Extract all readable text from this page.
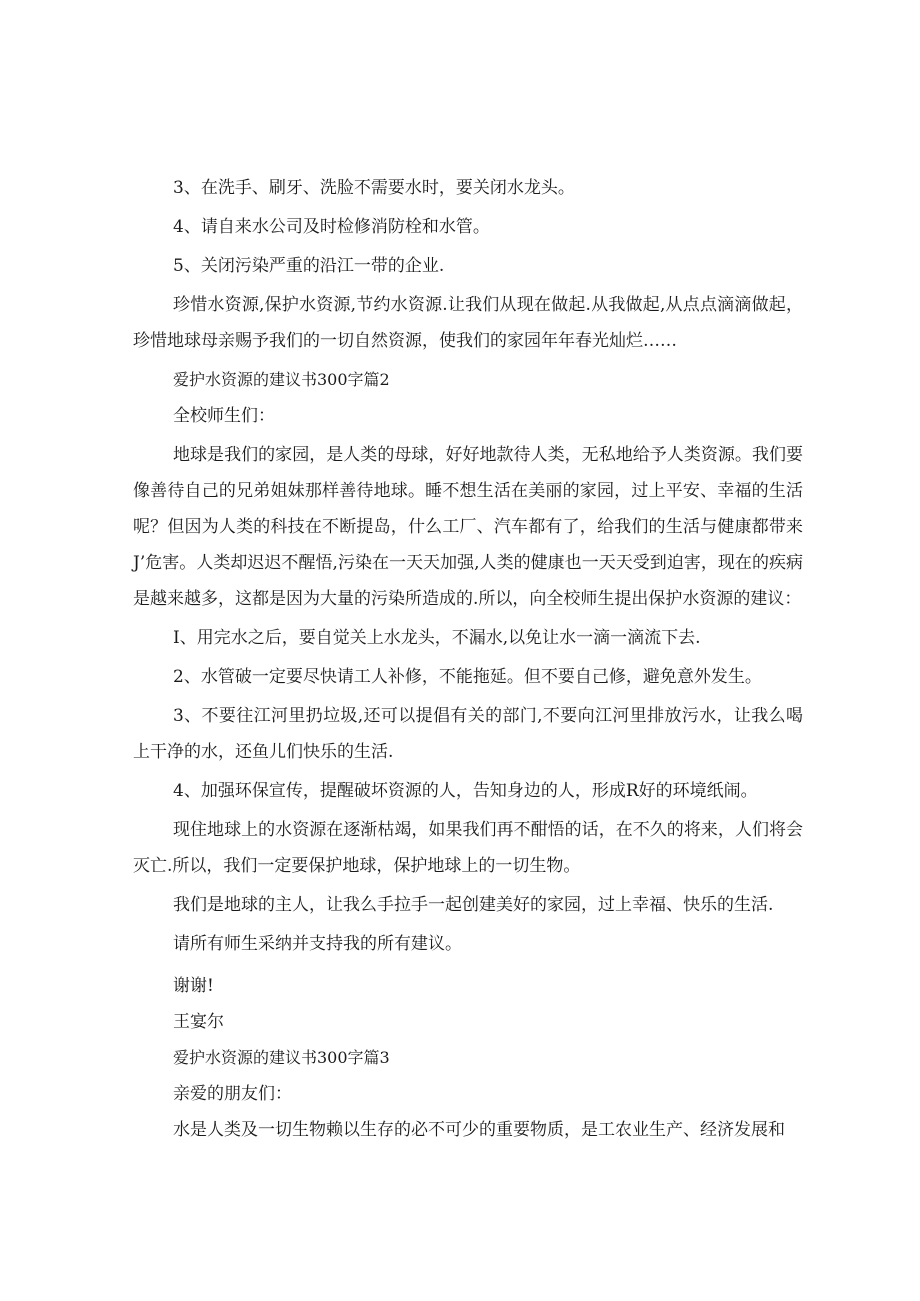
3、在洗手、刷牙、洗脸不需要水时，要关闭水龙头。

4、请自来水公司及时检修消防栓和水管。

5、关闭污染严重的沿江一带的企业.

珍惜水资源,保护水资源,节约水资源.让我们从现在做起.从我做起,从点点滴滴做起，珍惜地球母亲赐予我们的一切自然资源，使我们的家园年年春光灿烂……

爱护水资源的建议书300字篇2

全校师生们：

地球是我们的家园，是人类的母球，好好地款待人类，无私地给予人类资源。我们要像善待自己的兄弟姐妹那样善待地球。睡不想生活在美丽的家园，过上平安、幸福的生活呢？但因为人类的科技在不断提岛，什么工厂、汽车都有了，给我们的生活与健康都带来J’危害。人类却迟迟不醒悟,污染在一天天加强,人类的健康也一天天受到迫害，现在的疾病是越来越多，这都是因为大量的污染所造成的.所以，向全校师生提出保护水资源的建议：

I、用完水之后，要自觉关上水龙头，不漏水,以免让水一滴一滴流下去.

2、水管破一定要尽快请工人补修，不能拖延。但不要自己修，避免意外发生。

3、不要往江河里扔垃圾,还可以提倡有关的部门,不要向江河里排放污水，让我么喝上干净的水，还鱼儿们快乐的生活.

4、加强环保宣传，提醒破坏资源的人，告知身边的人，形成R好的环境纸闹。

现住地球上的水资源在逐渐枯竭，如果我们再不酣悟的话，在不久的将来，人们将会灭亡.所以，我们一定要保护地球，保护地球上的一切生物。

我们是地球的主人，让我么手拉手一起创建美好的家园，过上幸福、快乐的生活.

请所有师生采纳并支持我的所有建议。

谢谢!

王宴尔

爱护水资源的建议书300字篇3

亲爱的朋友们：

水是人类及一切生物赖以生存的必不可少的重要物质，是工农业生产、经济发展和
